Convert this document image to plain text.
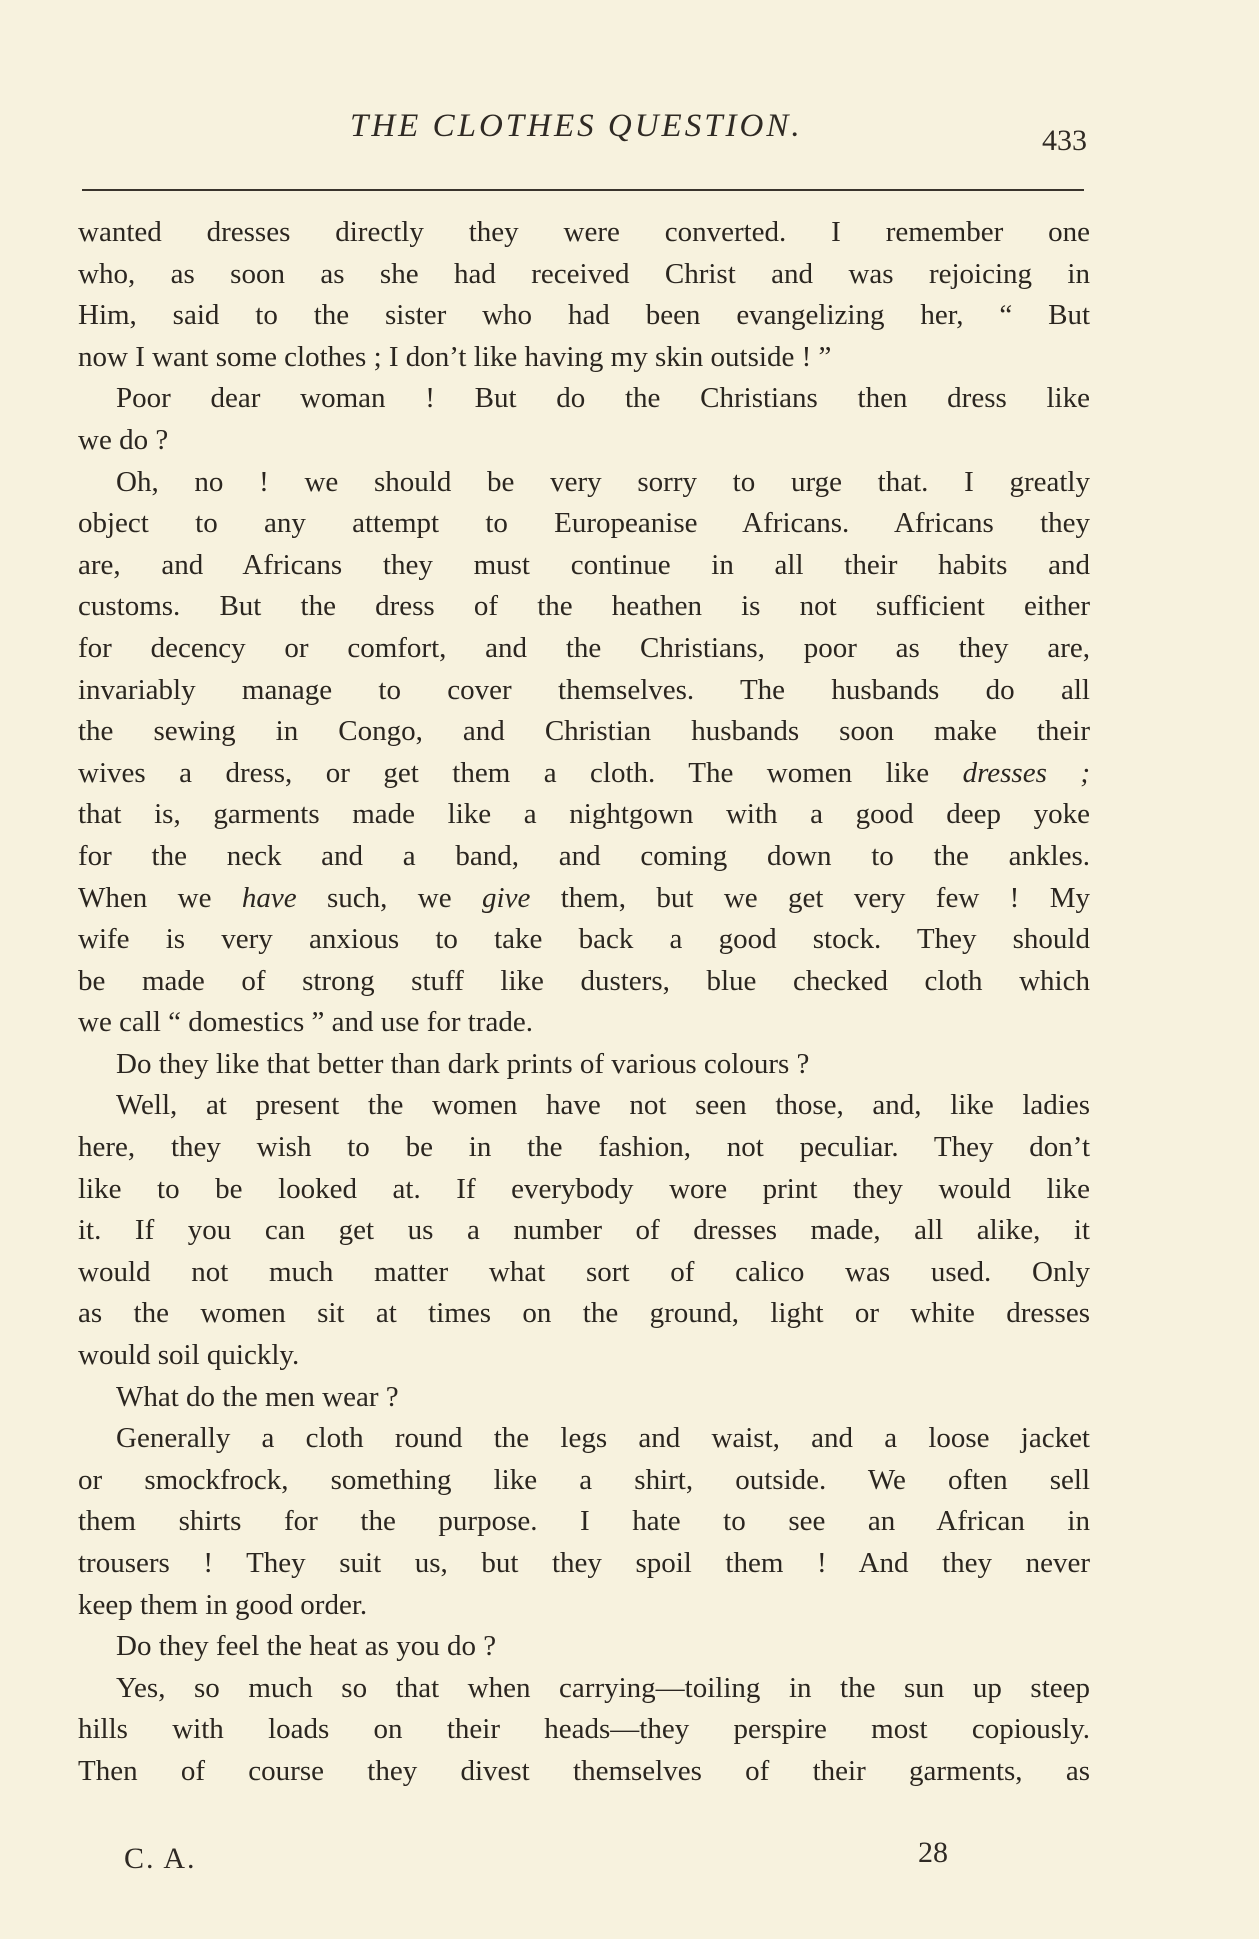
THE CLOTHES QUESTION.	433
wanted dresses directly they were converted. I remember one
who, as soon as she had received Christ and was rejoicing in
Him, said to the sister who had been evangelizing her, “ But
now I want some clothes ; I don’t like having my skin outside ! ”
Poor dear woman ! But do the Christians then dress like
we do ?
Oh, no ! we should be very sorry to urge that. I greatly
object to any attempt to Europeanise Africans. Africans they
are, and Africans they must continue in all their habits and
customs. But the dress of the heathen is not sufficient either
for decency or comfort, and the Christians, poor as they are,
invariably manage to cover themselves. The husbands do all
the sewing in Congo, and Christian husbands soon make their
wives a dress, or get them a cloth. The women like dresses ;
that is, garments made like a nightgown with a good deep yoke
for the neck and a band, and coming down to the ankles.
When we have such, we give them, but we get very few ! My
wife is very anxious to take back a good stock. They should
be made of strong stuff like dusters, blue checked cloth which
we call “ domestics ” and use for trade.
Do they like that better than dark prints of various colours ?
Well, at present the women have not seen those, and, like ladies
here, they wish to be in the fashion, not peculiar. They don’t
like to be looked at. If everybody wore print they would like
it. If you can get us a number of dresses made, all alike, it
would not much matter what sort of calico was used. Only
as the women sit at times on the ground, light or white dresses
would soil quickly.
What do the men wear ?
Generally a cloth round the legs and waist, and a loose jacket
or smockfrock, something like a shirt, outside. We often sell
them shirts for the purpose. I hate to see an African in
trousers ! They suit us, but they spoil them ! And they never
keep them in good order.
Do they feel the heat as you do ?
Yes, so much so that when carrying—toiling in the sun up steep
hills with loads on their heads—they perspire most copiously.
Then of course they divest themselves of their garments, as
C. A.	28
